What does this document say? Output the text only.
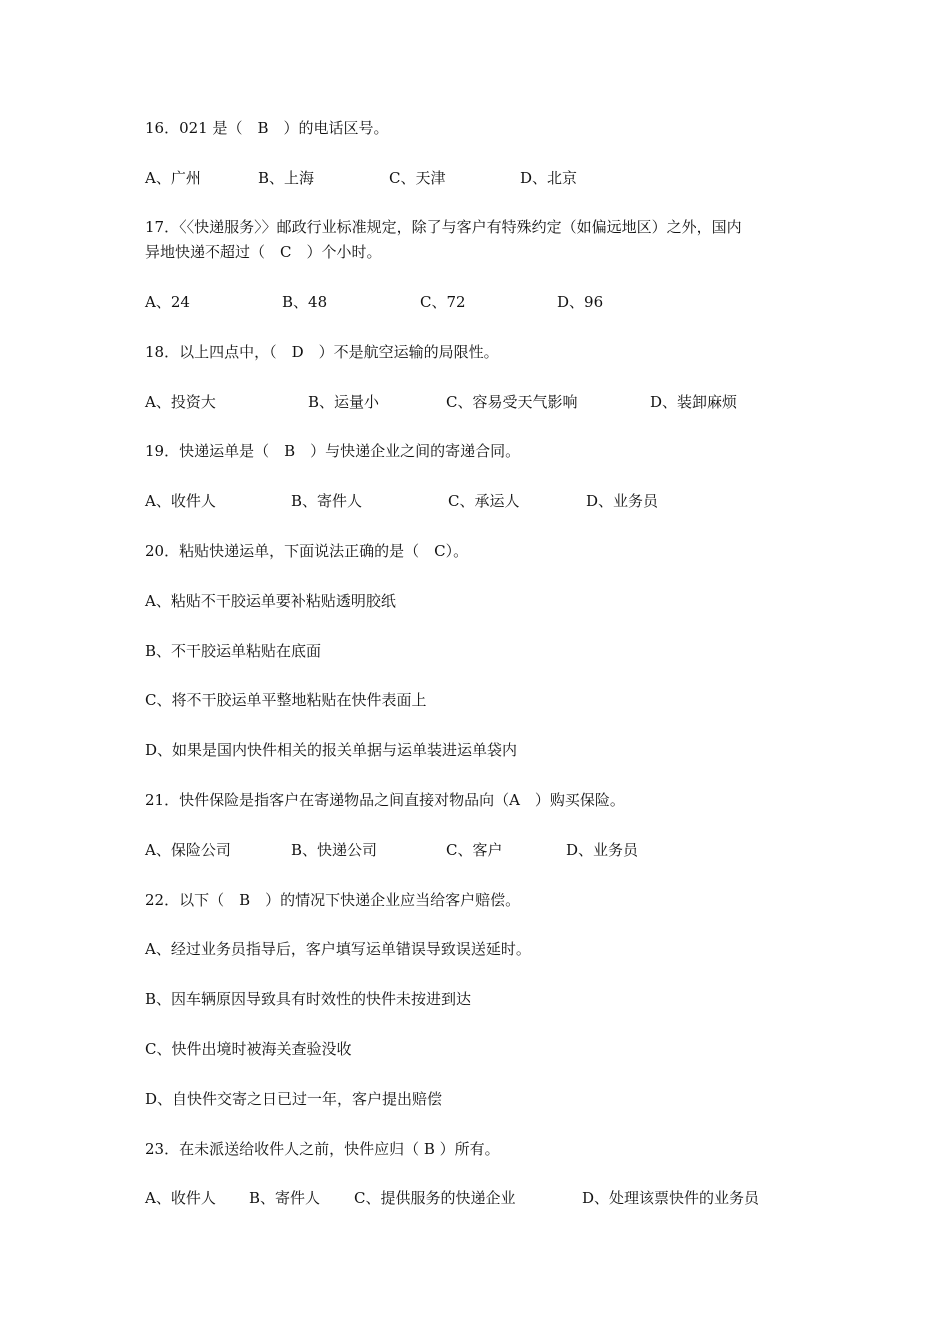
16．021 是（　B　）的电话区号。

A、广州

	B、上海

	C、天津

	D、北京

17．〈〈快递服务〉〉邮政行业标准规定，除了与客户有特殊约定（如偏远地区）之外，国内
异地快递不超过（　C　）个小时。

A、24

	B、48

	C、72

	D、96

18．以上四点中，（　D　）不是航空运输的局限性。

A、投资大

	B、运量小

	C、容易受天气影响

	D、装卸麻烦

19．快递运单是（　B　）与快递企业之间的寄递合同。

A、收件人

	B、寄件人

	C、承运人

	D、业务员

20．粘贴快递运单，下面说法正确的是（　C）。
A、粘贴不干胶运单要补粘贴透明胶纸
B、不干胶运单粘贴在底面
C、将不干胶运单平整地粘贴在快件表面上
D、如果是国内快件相关的报关单据与运单装进运单袋内
21．快件保险是指客户在寄递物品之间直接对物品向（A　）购买保险。

A、保险公司

	B、快递公司

	C、客户

	D、业务员

22．以下（　B　）的情况下快递企业应当给客户赔偿。
A、经过业务员指导后，客户填写运单错误导致误送延时。
B、因车辆原因导致具有时效性的快件未按进到达
C、快件出境时被海关查验没收
D、自快件交寄之日已过一年，客户提出赔偿
23．在未派送给收件人之前，快件应归（ B ）所有。

A、收件人

B、寄件人

C、提供服务的快递企业

	D、处理该票快件的业务员
